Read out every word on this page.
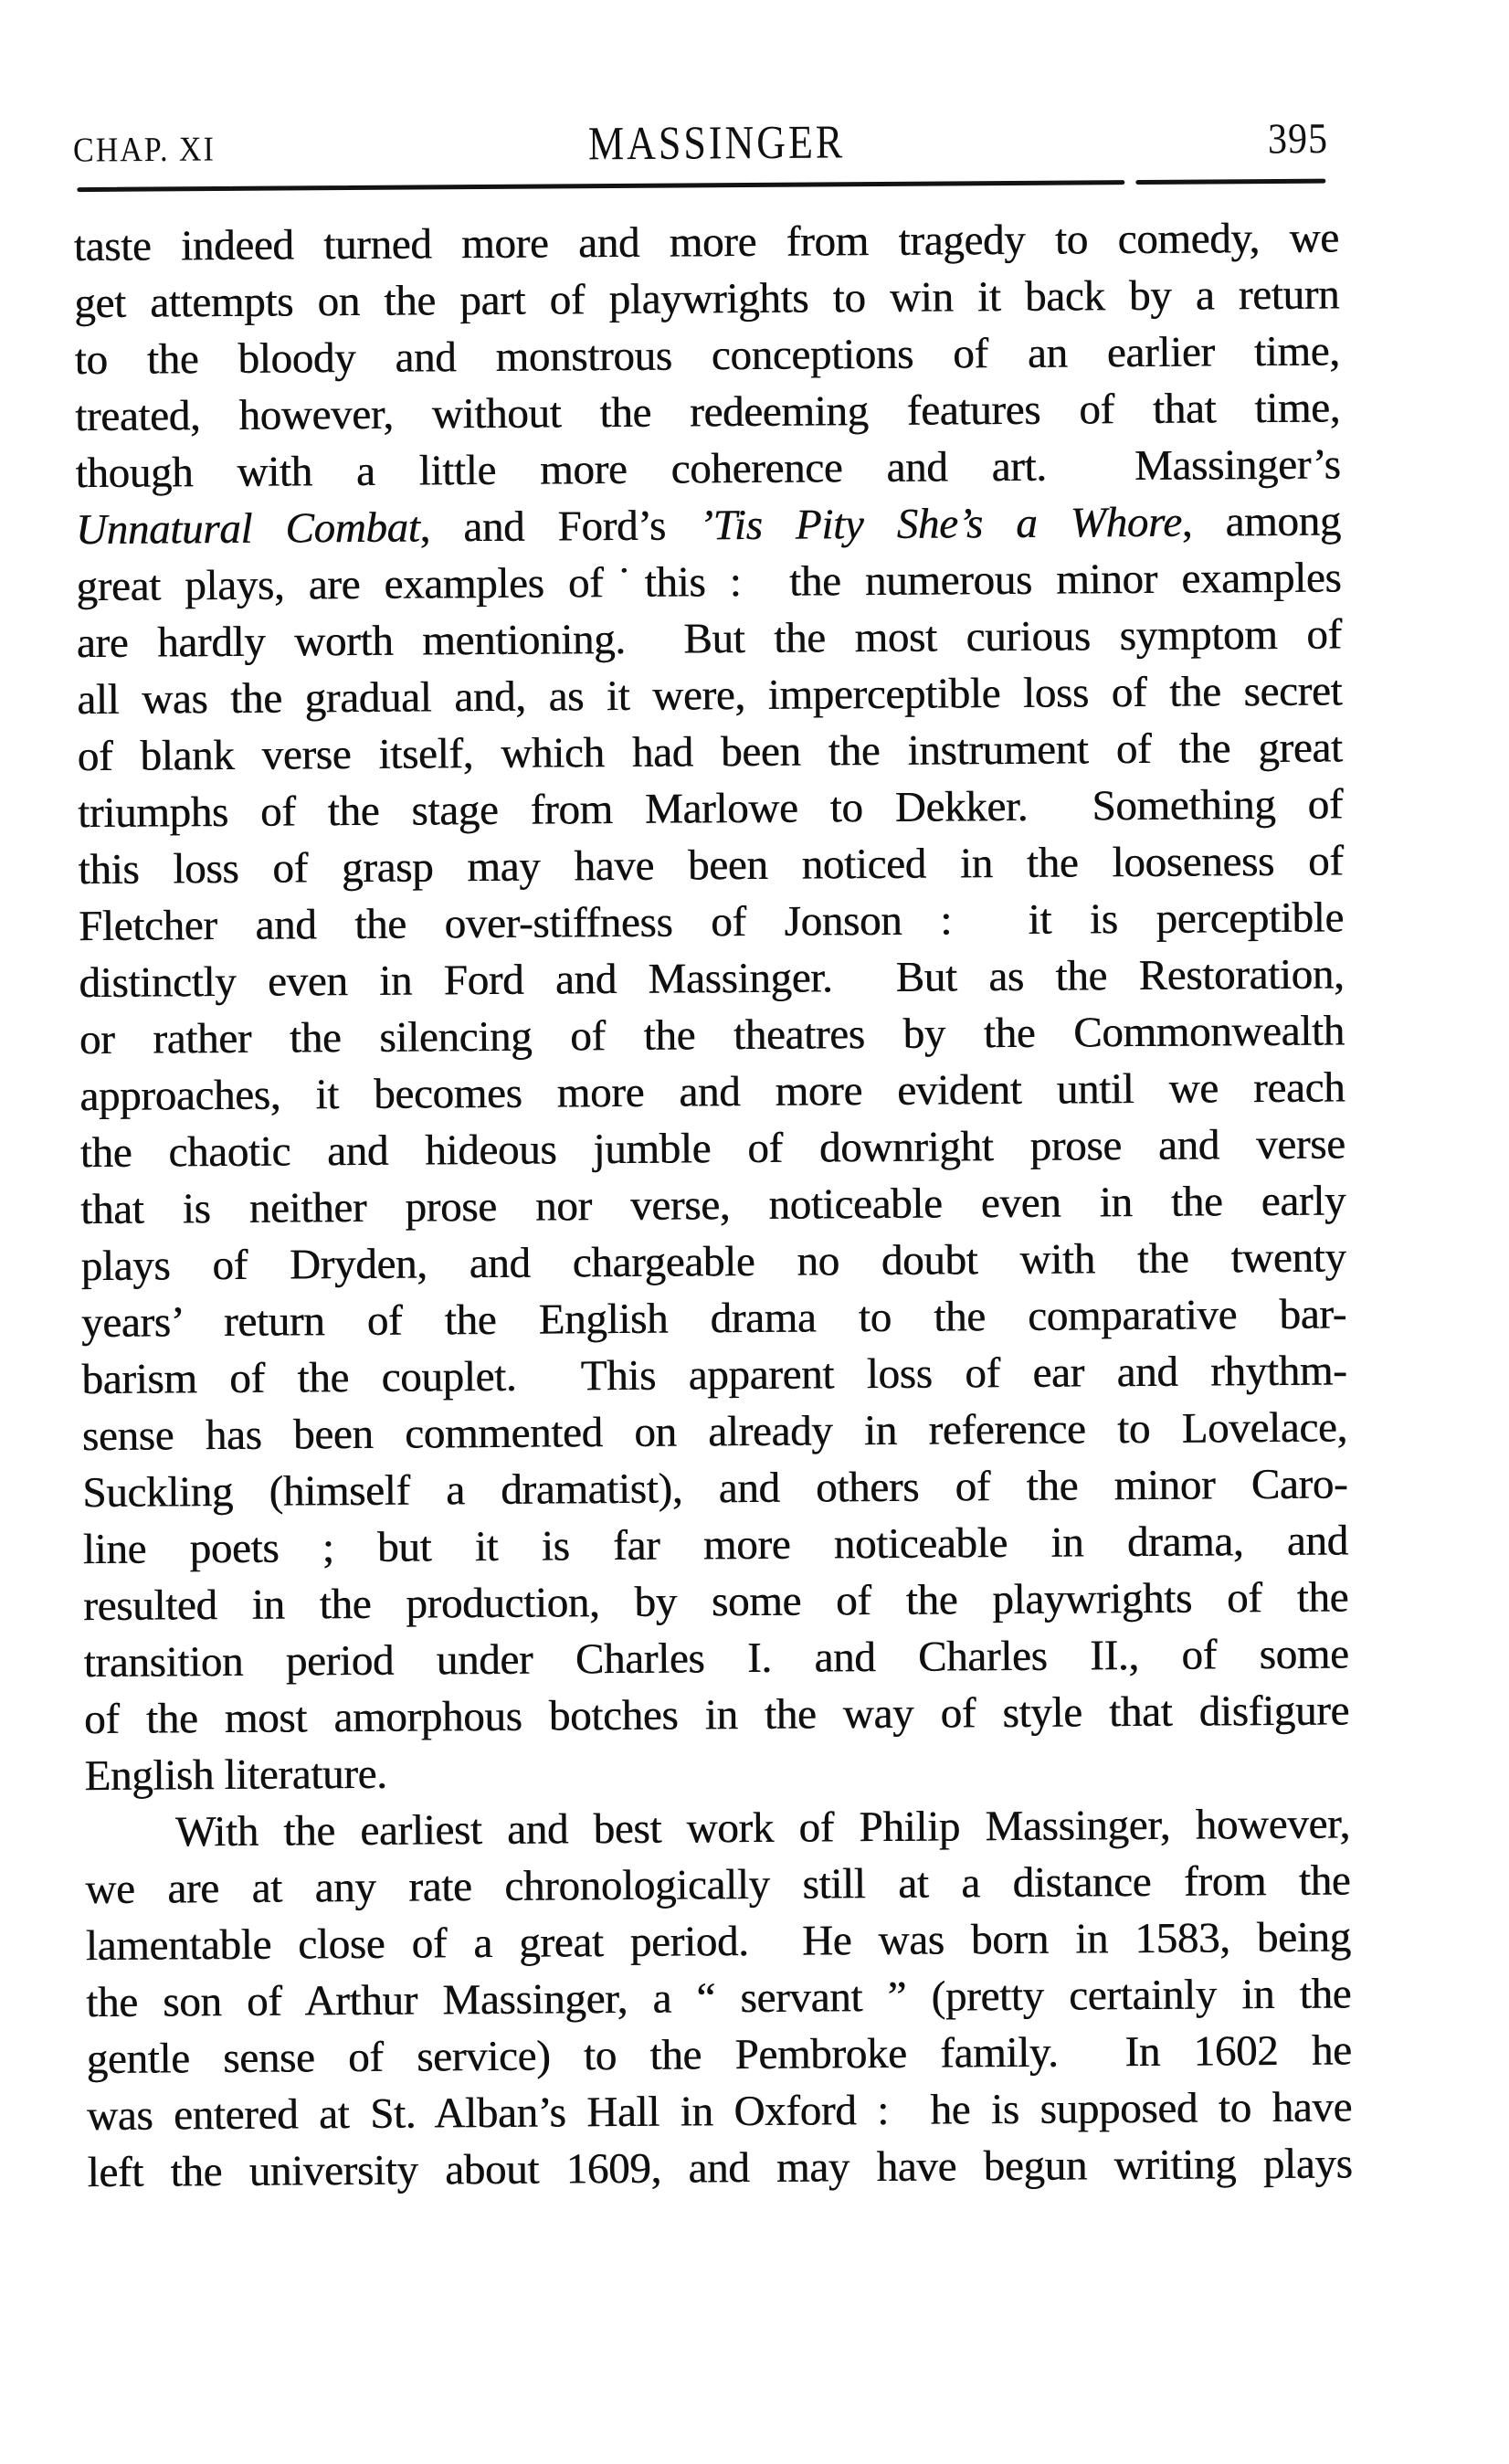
CHAP. XI	MASSINGER	395
taste indeed turned more and more from tragedy to comedy, we
get attempts on the part of playwrights to win it back by a return
to the bloody and monstrous conceptions of an earlier time,
treated, however, without the redeeming features of that time,
though with a little more coherence and art.  Massinger’s
Unnatural Combat, and Ford’s ’Tis Pity She’s a Whore, among
great plays, are examples of˙this :  the numerous minor examples
are hardly worth mentioning.  But the most curious symptom of
all was the gradual and, as it were, imperceptible loss of the secret
of blank verse itself, which had been the instrument of the great
triumphs of the stage from Marlowe to Dekker.  Something of
this loss of grasp may have been noticed in the looseness of
Fletcher and the over-stiffness of Jonson :  it is perceptible
distinctly even in Ford and Massinger.  But as the Restoration,
or rather the silencing of the theatres by the Commonwealth
approaches, it becomes more and more evident until we reach
the chaotic and hideous jumble of downright prose and verse
that is neither prose nor verse, noticeable even in the early
plays of Dryden, and chargeable no doubt with the twenty
years’ return of the English drama to the comparative bar-
barism of the couplet.  This apparent loss of ear and rhythm-
sense has been commented on already in reference to Lovelace,
Suckling (himself a dramatist), and others of the minor Caro-
line poets ; but it is far more noticeable in drama, and
resulted in the production, by some of the playwrights of the
transition period under Charles I. and Charles II., of some
of the most amorphous botches in the way of style that disfigure
English literature.
With the earliest and best work of Philip Massinger, however,
we are at any rate chronologically still at a distance from the
lamentable close of a great period.  He was born in 1583, being
the son of Arthur Massinger, a “ servant ” (pretty certainly in the
gentle sense of service) to the Pembroke family.  In 1602 he
was entered at St. Alban’s Hall in Oxford :  he is supposed to have
left the university about 1609, and may have begun writing plays
